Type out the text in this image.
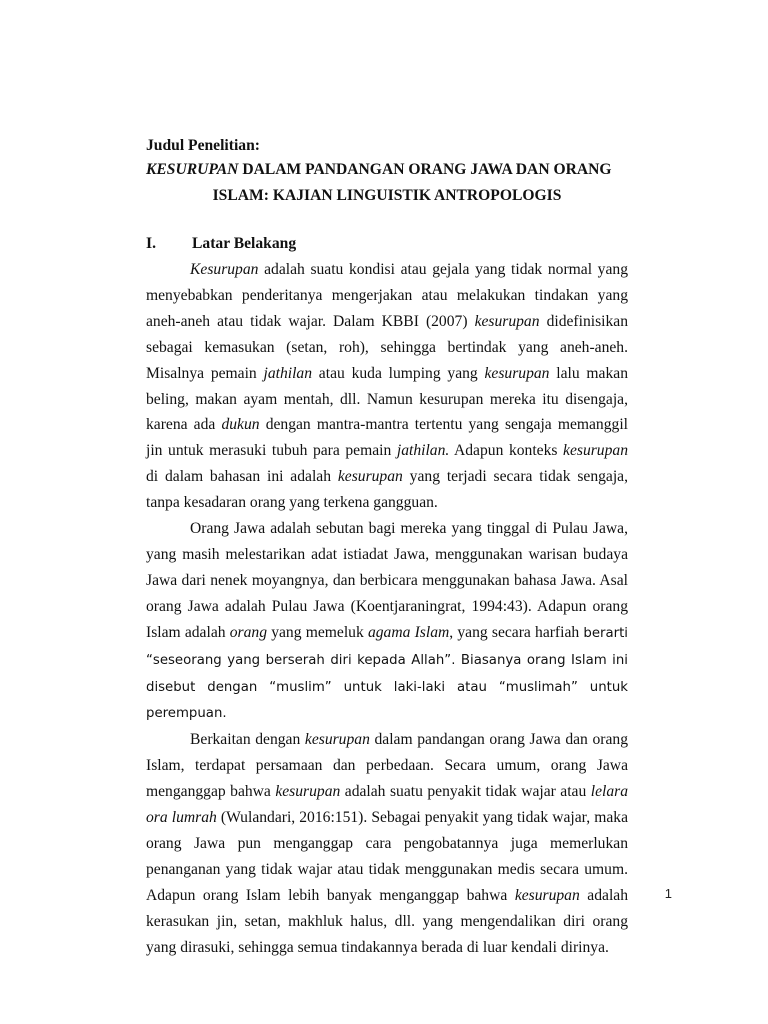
Judul Penelitian:
KESURUPAN DALAM PANDANGAN ORANG JAWA DAN ORANG
ISLAM: KAJIAN LINGUISTIK ANTROPOLOGIS
I.	Latar Belakang

Kesurupan adalah suatu kondisi atau gejala yang tidak normal yang menyebabkan penderitanya mengerjakan atau melakukan tindakan yang aneh-aneh atau tidak wajar. Dalam KBBI (2007) kesurupan didefinisikan sebagai kemasukan (setan, roh), sehingga bertindak yang aneh-aneh. Misalnya pemain jathilan atau kuda lumping yang kesurupan lalu makan beling, makan ayam mentah, dll. Namun kesurupan mereka itu disengaja, karena ada dukun dengan mantra-mantra tertentu yang sengaja memanggil jin untuk merasuki tubuh para pemain jathilan. Adapun konteks kesurupan di dalam bahasan ini adalah kesurupan yang terjadi secara tidak sengaja, tanpa kesadaran orang yang terkena gangguan.

Orang Jawa adalah sebutan bagi mereka yang tinggal di Pulau Jawa, yang masih melestarikan adat istiadat Jawa, menggunakan warisan budaya Jawa dari nenek moyangnya, dan berbicara menggunakan bahasa Jawa. Asal orang Jawa adalah Pulau Jawa (Koentjaraningrat, 1994:43). Adapun orang Islam adalah orang yang memeluk agama Islam, yang secara harfiah berarti “seseorang yang berserah diri kepada Allah”. Biasanya orang Islam ini disebut dengan “muslim” untuk laki-laki atau “muslimah” untuk perempuan.

Berkaitan dengan kesurupan dalam pandangan orang Jawa dan orang Islam, terdapat persamaan dan perbedaan. Secara umum, orang Jawa menganggap bahwa kesurupan adalah suatu penyakit tidak wajar atau lelara ora lumrah (Wulandari, 2016:151). Sebagai penyakit yang tidak wajar, maka orang Jawa pun menganggap cara pengobatannya juga memerlukan penanganan yang tidak wajar atau tidak menggunakan medis secara umum. Adapun orang Islam lebih banyak menganggap bahwa kesurupan adalah kerasukan jin, setan, makhluk halus, dll. yang mengendalikan diri orang yang dirasuki, sehingga semua tindakannya berada di luar kendali dirinya.

1
